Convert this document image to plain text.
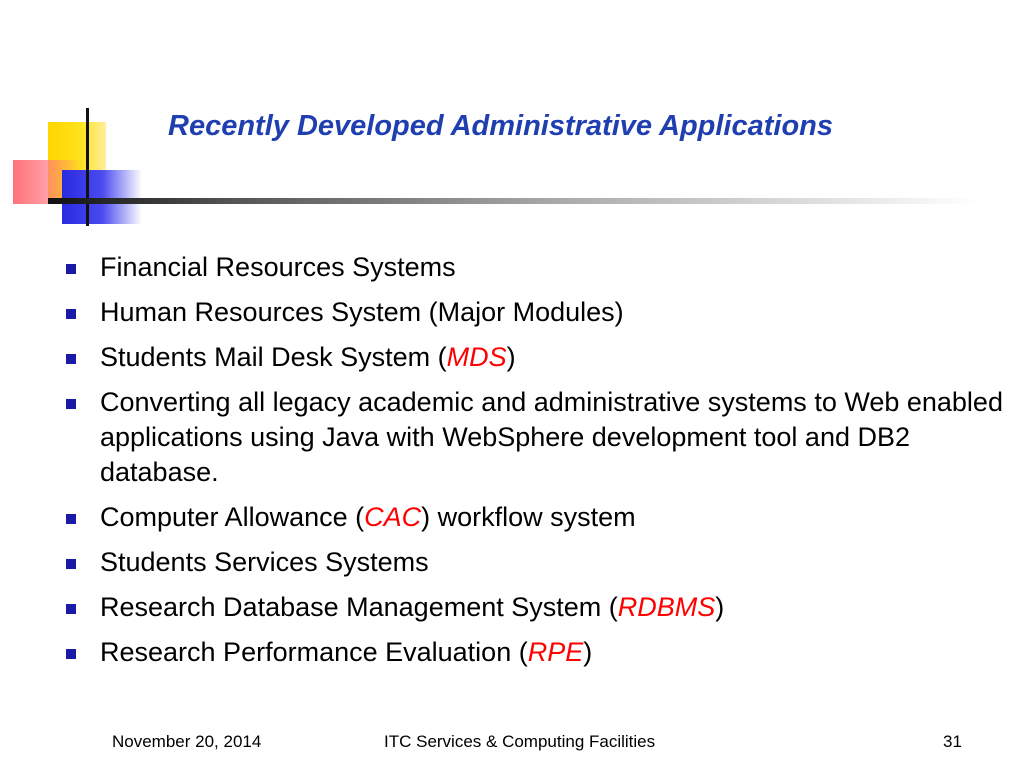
Recently Developed Administrative Applications
Financial Resources Systems
Human Resources System (Major Modules)
Students Mail Desk System (MDS)
Converting all legacy academic and administrative systems to Web enabled applications using Java with WebSphere development tool and DB2 database.
Computer Allowance (CAC) workflow system
Students Services Systems
Research Database Management System (RDBMS)
Research Performance Evaluation (RPE)
November 20, 2014	ITC Services & Computing Facilities	31
